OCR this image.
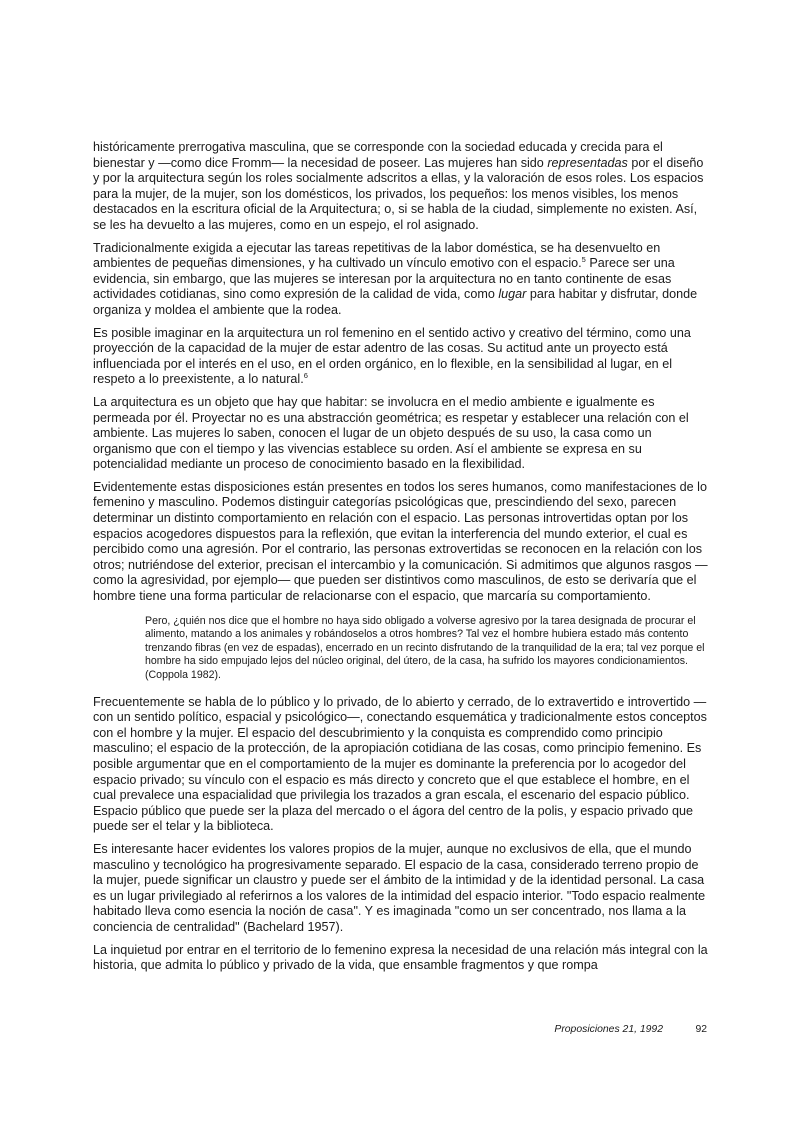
históricamente prerrogativa masculina, que se corresponde con la sociedad educada y crecida para el bienestar y —como dice Fromm— la necesidad de poseer. Las mujeres han sido representadas por el diseño y por la arquitectura según los roles socialmente adscritos a ellas, y la valoración de esos roles. Los espacios para la mujer, de la mujer, son los domésticos, los privados, los pequeños: los menos visibles, los menos destacados en la escritura oficial de la Arquitectura; o, si se habla de la ciudad, simplemente no existen. Así, se les ha devuelto a las mujeres, como en un espejo, el rol asignado.

Tradicionalmente exigida a ejecutar las tareas repetitivas de la labor doméstica, se ha desenvuelto en ambientes de pequeñas dimensiones, y ha cultivado un vínculo emotivo con el espacio.$^5$ Parece ser una evidencia, sin embargo, que las mujeres se interesan por la arquitectura no en tanto continente de esas actividades cotidianas, sino como expresión de la calidad de vida, como lugar para habitar y disfrutar, donde organiza y moldea el ambiente que la rodea.

Es posible imaginar en la arquitectura un rol femenino en el sentido activo y creativo del término, como una proyección de la capacidad de la mujer de estar adentro de las cosas. Su actitud ante un proyecto está influenciada por el interés en el uso, en el orden orgánico, en lo flexible, en la sensibilidad al lugar, en el respeto a lo preexistente, a lo natural.$^6$

La arquitectura es un objeto que hay que habitar: se involucra en el medio ambiente e igualmente es permeada por él. Proyectar no es una abstracción geométrica; es respetar y establecer una relación con el ambiente. Las mujeres lo saben, conocen el lugar de un objeto después de su uso, la casa como un organismo que con el tiempo y las vivencias establece su orden. Así el ambiente se expresa en su potencialidad mediante un proceso de conocimiento basado en la flexibilidad.

Evidentemente estas disposiciones están presentes en todos los seres humanos, como manifestaciones de lo femenino y masculino. Podemos distinguir categorías psicológicas que, prescindiendo del sexo, parecen determinar un distinto comportamiento en relación con el espacio. Las personas introvertidas optan por los espacios acogedores dispuestos para la reflexión, que evitan la interferencia del mundo exterior, el cual es percibido como una agresión. Por el contrario, las personas extrovertidas se reconocen en la relación con los otros; nutriéndose del exterior, precisan el intercambio y la comunicación. Si admitimos que algunos rasgos —como la agresividad, por ejemplo— que pueden ser distintivos como masculinos, de esto se derivaría que el hombre tiene una forma particular de relacionarse con el espacio, que marcaría su comportamiento.

Pero, ¿quién nos dice que el hombre no haya sido obligado a volverse agresivo por la tarea designada de procurar el alimento, matando a los animales y robándoselos a otros hombres? Tal vez el hombre hubiera estado más contento trenzando fibras (en vez de espadas), encerrado en un recinto disfrutando de la tranquilidad de la era; tal vez porque el hombre ha sido empujado lejos del núcleo original, del útero, de la casa, ha sufrido los mayores condicionamientos. (Coppola 1982).

Frecuentemente se habla de lo público y lo privado, de lo abierto y cerrado, de lo extravertido e introvertido —con un sentido político, espacial y psicológico—, conectando esquemática y tradicionalmente estos conceptos con el hombre y la mujer. El espacio del descubrimiento y la conquista es comprendido como principio masculino; el espacio de la protección, de la apropiación cotidiana de las cosas, como principio femenino. Es posible argumentar que en el comportamiento de la mujer es dominante la preferencia por lo acogedor del espacio privado; su vínculo con el espacio es más directo y concreto que el que establece el hombre, en el cual prevalece una espacialidad que privilegia los trazados a gran escala, el escenario del espacio público. Espacio público que puede ser la plaza del mercado o el ágora del centro de la polis, y espacio privado que puede ser el telar y la biblioteca.

Es interesante hacer evidentes los valores propios de la mujer, aunque no exclusivos de ella, que el mundo masculino y tecnológico ha progresivamente separado. El espacio de la casa, considerado terreno propio de la mujer, puede significar un claustro y puede ser el ámbito de la intimidad y de la identidad personal. La casa es un lugar privilegiado al referirnos a los valores de la intimidad del espacio interior. "Todo espacio realmente habitado lleva como esencia la noción de casa". Y es imaginada "como un ser concentrado, nos llama a la conciencia de centralidad" (Bachelard 1957).

La inquietud por entrar en el territorio de lo femenino expresa la necesidad de una relación más integral con la historia, que admita lo público y privado de la vida, que ensamble fragmentos y que rompa

Proposiciones 21, 1992	92
